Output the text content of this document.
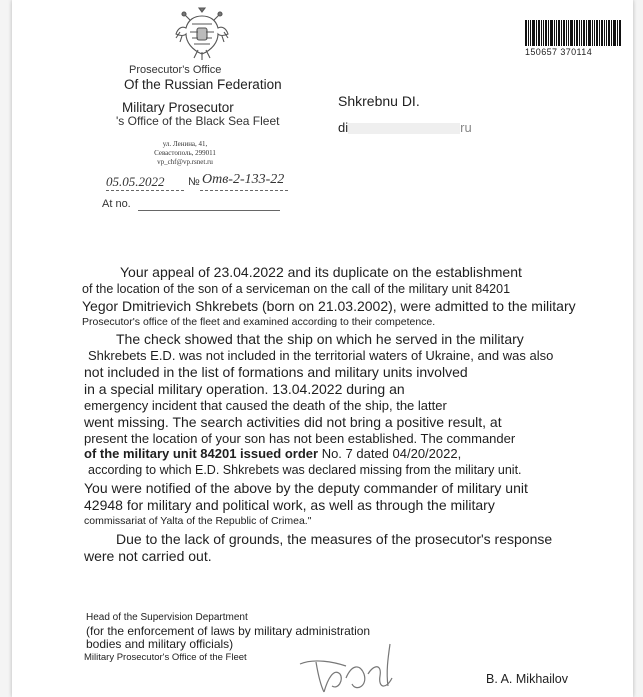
150657 370114
Prosecutor's Office
Of the Russian Federation
Military Prosecutor
's Office of the Black Sea Fleet
ул. Ленина, 41,
Севастополь, 299011
vp_chf@vp.rsnet.ru
05.05.2022 № Отв-2-133-22
At no.
Shkrebnu DI.
di	ru
Your appeal of 23.04.2022 and its duplicate on the establishment
of the location of the son of a serviceman on the call of the military unit 84201
Yegor Dmitrievich Shkrebets (born on 21.03.2002), were admitted to the military
Prosecutor's office of the fleet and examined according to their competence.
The check showed that the ship on which he served in the military
Shkrebets E.D. was not included in the territorial waters of Ukraine, and was also
not included in the list of formations and military units involved
in a special military operation. 13.04.2022 during an
emergency incident that caused the death of the ship, the latter
went missing. The search activities did not bring a positive result, at
present the location of your son has not been established. The commander
of the military unit 84201 issued order No. 7 dated 04/20/2022,
according to which E.D. Shkrebets was declared missing from the military unit.
You were notified of the above by the deputy commander of military unit
42948 for military and political work, as well as through the military
commissariat of Yalta of the Republic of Crimea."
Due to the lack of grounds, the measures of the prosecutor's response
were not carried out.
Head of the Supervision Department
(for the enforcement of laws by military administration
bodies and military officials)
Military Prosecutor's Office of the Fleet
B. A. Mikhailov
